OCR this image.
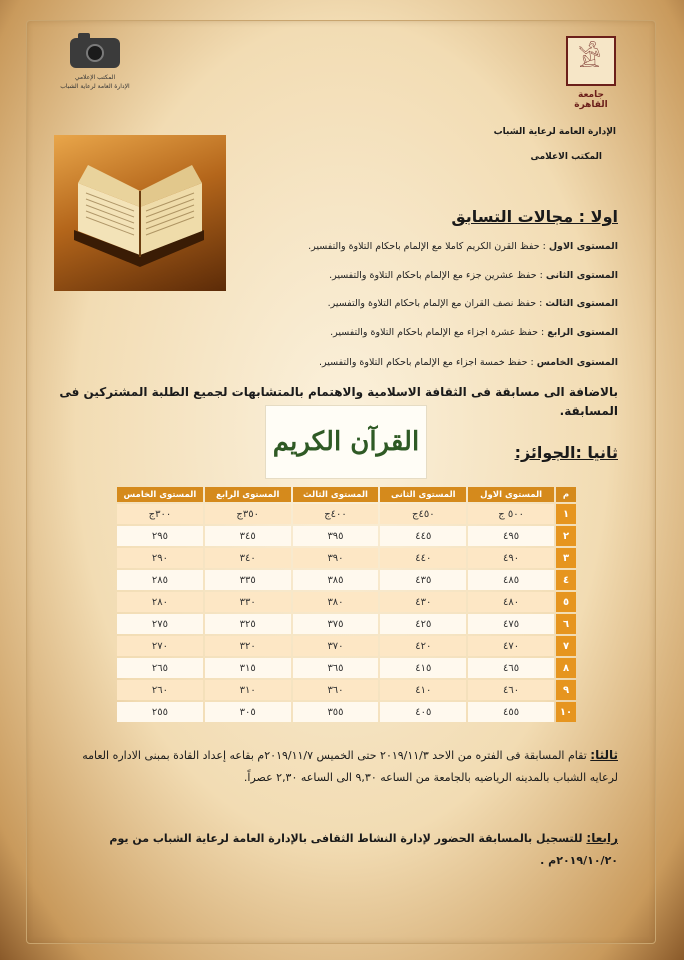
المكتب الإعلامي
الإدارة العامة لرعاية الشباب
𓀀
جامعة القاهرة
الإدارة العامة لرعاية الشباب
المكتب الاعلامى
اولا : مجالات التسابق
المستوى الاول : حفظ القرن الكريم كاملا مع الإلمام باحكام التلاوة والتفسير.
المستوى الثانى : حفظ عشرين جزء مع الإلمام باحكام التلاوة والتفسير.
المستوى الثالث : حفظ نصف القران مع الإلمام باحكام التلاوة والتفسير.
المستوى الرابع : حفظ عشرة اجزاء مع الإلمام باحكام التلاوة والتفسير.
المستوى الخامس : حفظ خمسة اجزاء مع الإلمام باحكام التلاوة والتفسير.
بالاضافة الى مسابقة فى الثقافة الاسلامية والاهتمام بالمتشابهات لجميع الطلبة المشتركين فى المسابقة.
القرآن الكريم	ثانيا :الجوائز:
م	المستوى الاول	المستوى الثانى	المستوى الثالث	المستوى الرابع	المستوى الخامس
١	٥٠٠ ج	٤٥٠ج	٤٠٠ج	٣٥٠ج	٣٠٠ج
٢	٤٩٥	٤٤٥	٣٩٥	٣٤٥	٢٩٥
٣	٤٩٠	٤٤٠	٣٩٠	٣٤٠	٢٩٠
٤	٤٨٥	٤٣٥	٣٨٥	٣٣٥	٢٨٥
٥	٤٨٠	٤٣٠	٣٨٠	٣٣٠	٢٨٠
٦	٤٧٥	٤٢٥	٣٧٥	٣٢٥	٢٧٥
٧	٤٧٠	٤٢٠	٣٧٠	٣٢٠	٢٧٠
٨	٤٦٥	٤١٥	٣٦٥	٣١٥	٢٦٥
٩	٤٦٠	٤١٠	٣٦٠	٣١٠	٢٦٠
١٠	٤٥٥	٤٠٥	٣٥٥	٣٠٥	٢٥٥
ثالثا: تقام المسابقة فى الفتره من الاحد ٢٠١٩/١١/٣ حتى الخميس ٢٠١٩/١١/٧م بقاعه إعداد القادة بمبنى الاداره العامه لرعايه الشباب بالمدينه الرياضيه بالجامعة من الساعه ٩,٣٠ الى الساعه ٢,٣٠ عصراً.
رابعا: للتسجيل بالمسابقة الحضور لإدارة النشاط الثقافى بالإدارة العامة لرعاية الشباب من يوم ٢٠١٩/١٠/٢٠م .
